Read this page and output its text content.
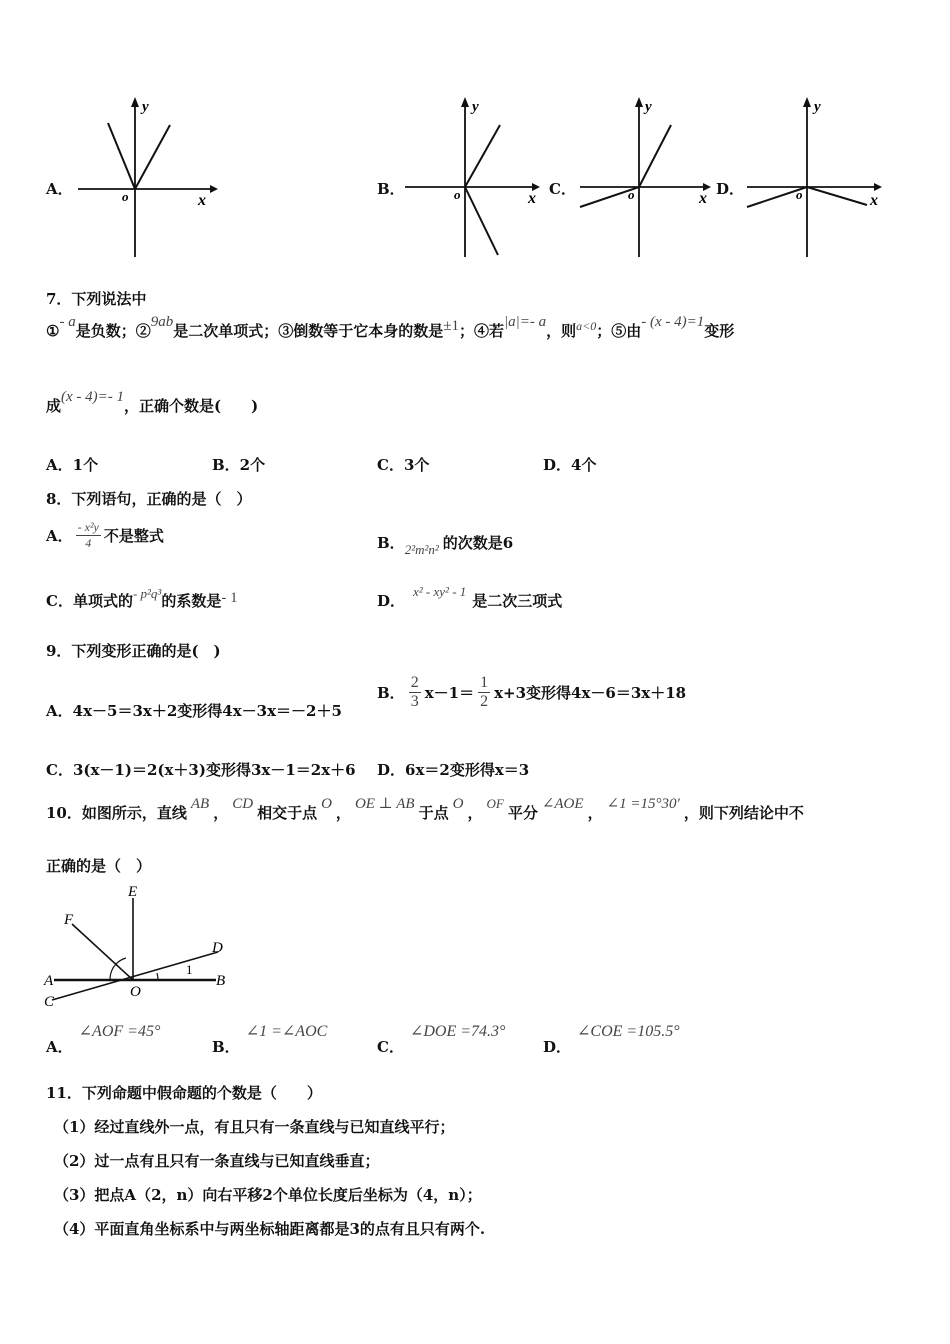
A．
y
x
o	B．
y
x
o	C．
y
x
o	D．
y
x
o
7．下列说法中
①- a是负数；②9ab是二次单项式；③倒数等于它本身的数是±1；④若|a|=- a，则$^{a<0}$；⑤由- (x - 4)=1变形
成(x - 4)=- 1，正确个数是(　　)
A．1个	B．2个	C．3个	D．4个
8．下列语句，正确的是（　）
A． $\frac{\text{- x²y}}{4}$ 不是整式	B．$_{2^2m^2n^2}$ 的次数是6
C．单项式的$^{- p^2q^3}$的系数是- 1	D．$^{x^2 - xy^2 - 1}$是二次三项式
9．下列变形正确的是(　)
A．4x－5＝3x＋2变形得4x－3x＝－2＋5
B． $\frac{2}{3} x-1= \frac{1}{2} x+3$变形得4x－6＝3x＋18
C．3(x－1)＝2(x＋3)变形得3x－1＝2x＋6 D．6x＝2变形得x＝3
10．如图所示，直线 AB ， CD 相交于点 O ， OE ⊥ AB 于点 O ，$^{OF}$平分 ∠AOE ， ∠1 =15°30′ ，则下列结论中不
正确的是（　）
E
F
D
A	B
C
O
1
A．∠AOF =45°
B．∠1 =∠AOC
C．∠DOE =74.3°
D．∠COE =105.5°
11．下列命题中假命题的个数是（　　）
（1）经过直线外一点，有且只有一条直线与已知直线平行；
（2）过一点有且只有一条直线与已知直线垂直；
（3）把点A（2，n）向右平移2个单位长度后坐标为（4，n）；
（4）平面直角坐标系中与两坐标轴距离都是3的点有且只有两个.
